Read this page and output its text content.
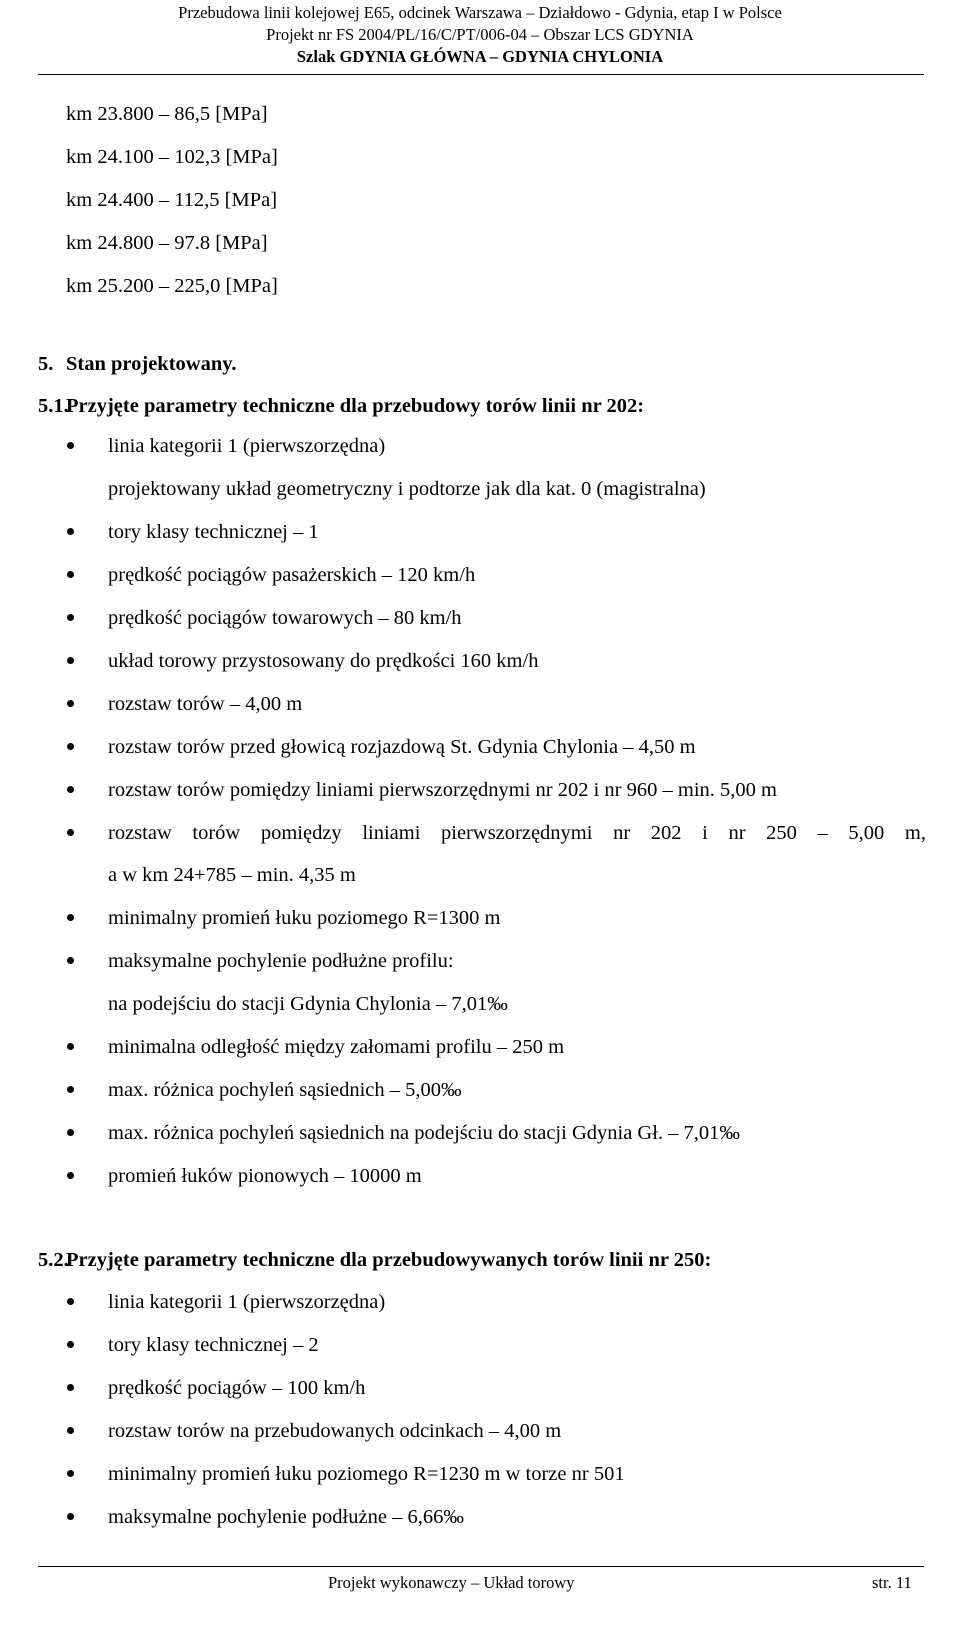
Przebudowa linii kolejowej E65, odcinek Warszawa – Działdowo - Gdynia, etap I w Polsce
Projekt nr FS 2004/PL/16/C/PT/006-04 – Obszar LCS GDYNIA
Szlak GDYNIA GŁÓWNA – GDYNIA CHYLONIA
km 23.800 – 86,5 [MPa]
km 24.100 – 102,3 [MPa]
km 24.400 – 112,5 [MPa]
km 24.800 – 97.8 [MPa]
km 25.200 – 225,0 [MPa]
5. Stan projektowany.
5.1.
Przyjęte parametry techniczne dla przebudowy torów linii nr 202:
linia kategorii 1 (pierwszorzędna)
projektowany układ geometryczny i podtorze jak dla kat. 0 (magistralna)
tory klasy technicznej – 1
prędkość pociągów pasażerskich – 120 km/h
prędkość pociągów towarowych – 80 km/h
układ torowy przystosowany do prędkości 160 km/h
rozstaw torów – 4,00 m
rozstaw torów przed głowicą rozjazdową St. Gdynia Chylonia – 4,50 m
rozstaw torów pomiędzy liniami pierwszorzędnymi nr 202 i nr 960 – min. 5,00 m
rozstaw torów pomiędzy liniami pierwszorzędnymi nr 202 i nr 250 – 5,00 m,
a w km 24+785 – min. 4,35 m
minimalny promień łuku poziomego R=1300 m
maksymalne pochylenie podłużne profilu:
na podejściu do stacji Gdynia Chylonia – 7,01‰
minimalna odległość między załomami profilu – 250 m
max. różnica pochyleń sąsiednich – 5,00‰
max. różnica pochyleń sąsiednich na podejściu do stacji Gdynia Gł. – 7,01‰
promień łuków pionowych – 10000 m
5.2.
Przyjęte parametry techniczne dla przebudowywanych torów linii nr 250:
linia kategorii 1 (pierwszorzędna)
tory klasy technicznej – 2
prędkość pociągów – 100 km/h
rozstaw torów na przebudowanych odcinkach – 4,00 m
minimalny promień łuku poziomego R=1230 m w torze nr 501
maksymalne pochylenie podłużne – 6,66‰
Projekt wykonawczy – Układ torowy	str. 11
